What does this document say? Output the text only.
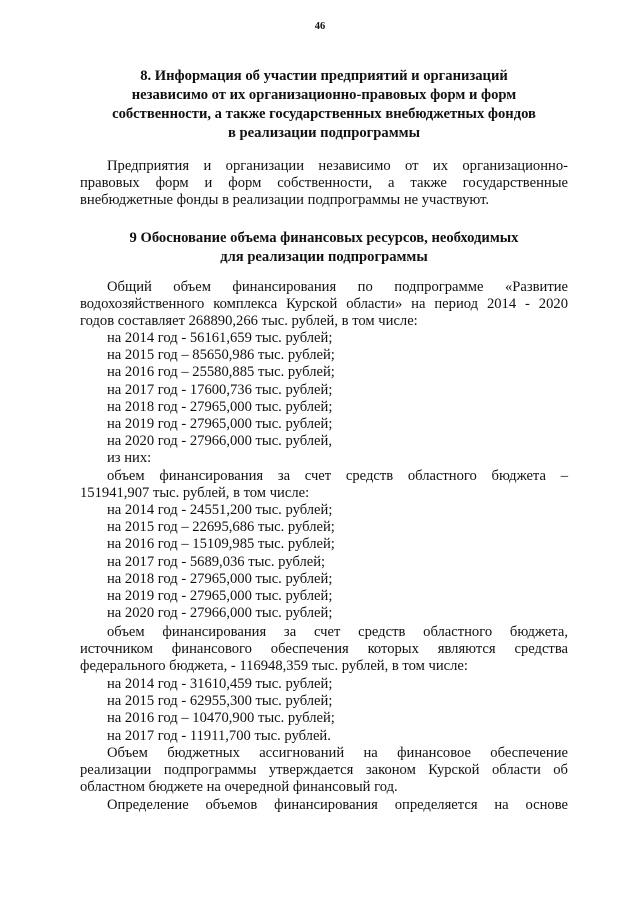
46
8. Информация об участии предприятий и организаций
независимо от их организационно-правовых форм и форм
собственности, а также государственных внебюджетных фондов
в реализации подпрограммы
Предприятия и организации независимо от их организационно-
правовых форм и форм собственности, а также государственные
внебюджетные фонды в реализации подпрограммы не участвуют.
9 Обоснование объема финансовых ресурсов, необходимых
для реализации подпрограммы
Общий объем финансирования по подпрограмме «Развитие
водохозяйственного комплекса Курской области» на период 2014 - 2020
годов составляет 268890,266 тыс. рублей, в том числе:
на 2014 год - 56161,659 тыс. рублей;
на 2015 год – 85650,986 тыс. рублей;
на 2016 год – 25580,885 тыс. рублей;
на 2017 год - 17600,736 тыс. рублей;
на 2018 год - 27965,000 тыс. рублей;
на 2019 год - 27965,000 тыс. рублей;
на 2020 год - 27966,000 тыс. рублей,
из них:
объем финансирования за счет средств областного бюджета –
151941,907 тыс. рублей, в том числе:
на 2014 год - 24551,200 тыс. рублей;
на 2015 год – 22695,686 тыс. рублей;
на 2016 год – 15109,985 тыс. рублей;
на 2017 год - 5689,036 тыс. рублей;
на 2018 год - 27965,000 тыс. рублей;
на 2019 год - 27965,000 тыс. рублей;
на 2020 год - 27966,000 тыс. рублей;
объем финансирования за счет средств областного бюджета,
источником финансового обеспечения которых являются средства
федерального бюджета, - 116948,359 тыс. рублей, в том числе:
на 2014 год - 31610,459 тыс. рублей;
на 2015 год - 62955,300 тыс. рублей;
на 2016 год – 10470,900 тыс. рублей;
на 2017 год - 11911,700 тыс. рублей.
Объем бюджетных ассигнований на финансовое обеспечение
реализации подпрограммы утверждается законом Курской области об
областном бюджете на очередной финансовый год.
Определение объемов финансирования определяется на основе
